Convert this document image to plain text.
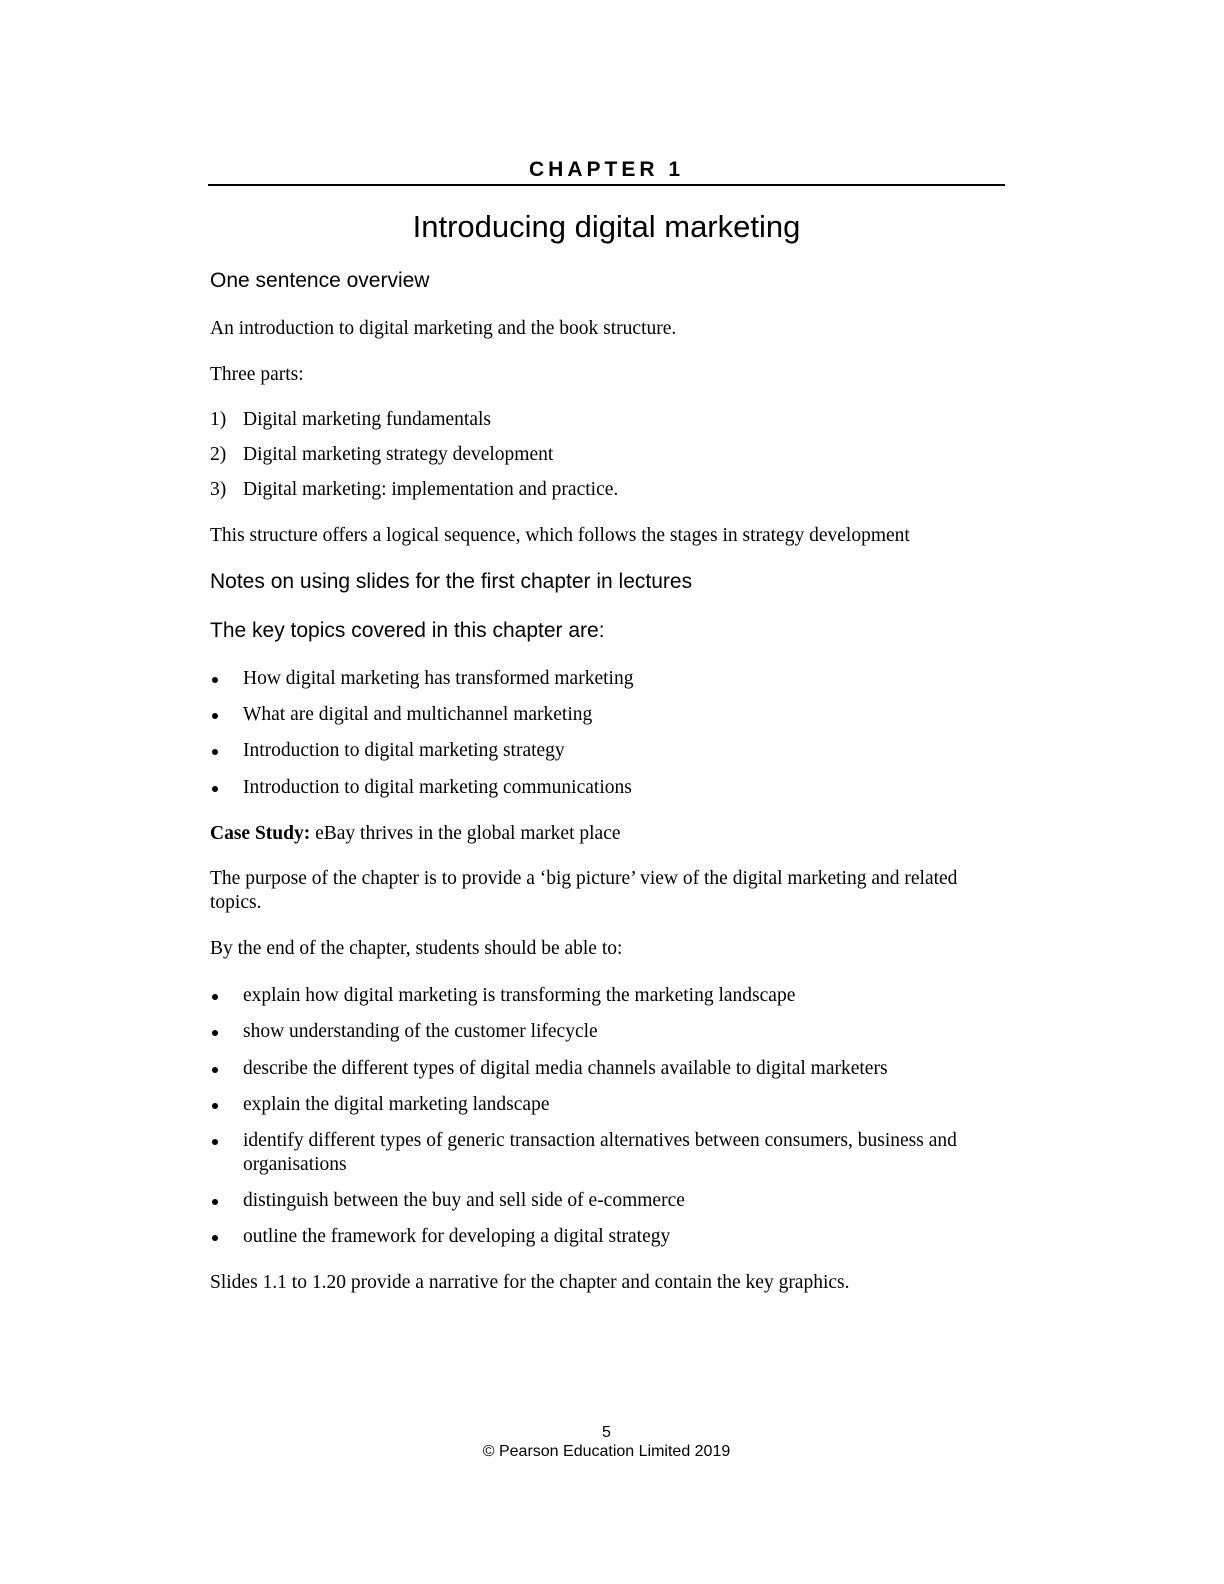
CHAPTER 1
Introducing digital marketing
One sentence overview
An introduction to digital marketing and the book structure.
Three parts:
1) Digital marketing fundamentals
2) Digital marketing strategy development
3) Digital marketing: implementation and practice.
This structure offers a logical sequence, which follows the stages in strategy development
Notes on using slides for the first chapter in lectures
The key topics covered in this chapter are:
How digital marketing has transformed marketing
What are digital and multichannel marketing
Introduction to digital marketing strategy
Introduction to digital marketing communications
Case Study: eBay thrives in the global market place
The purpose of the chapter is to provide a ‘big picture’ view of the digital marketing and related topics.
By the end of the chapter, students should be able to:
explain how digital marketing is transforming the marketing landscape
show understanding of the customer lifecycle
describe the different types of digital media channels available to digital marketers
explain the digital marketing landscape
identify different types of generic transaction alternatives between consumers, business and organisations
distinguish between the buy and sell side of e-commerce
outline the framework for developing a digital strategy
Slides 1.1 to 1.20 provide a narrative for the chapter and contain the key graphics.
5
© Pearson Education Limited 2019
